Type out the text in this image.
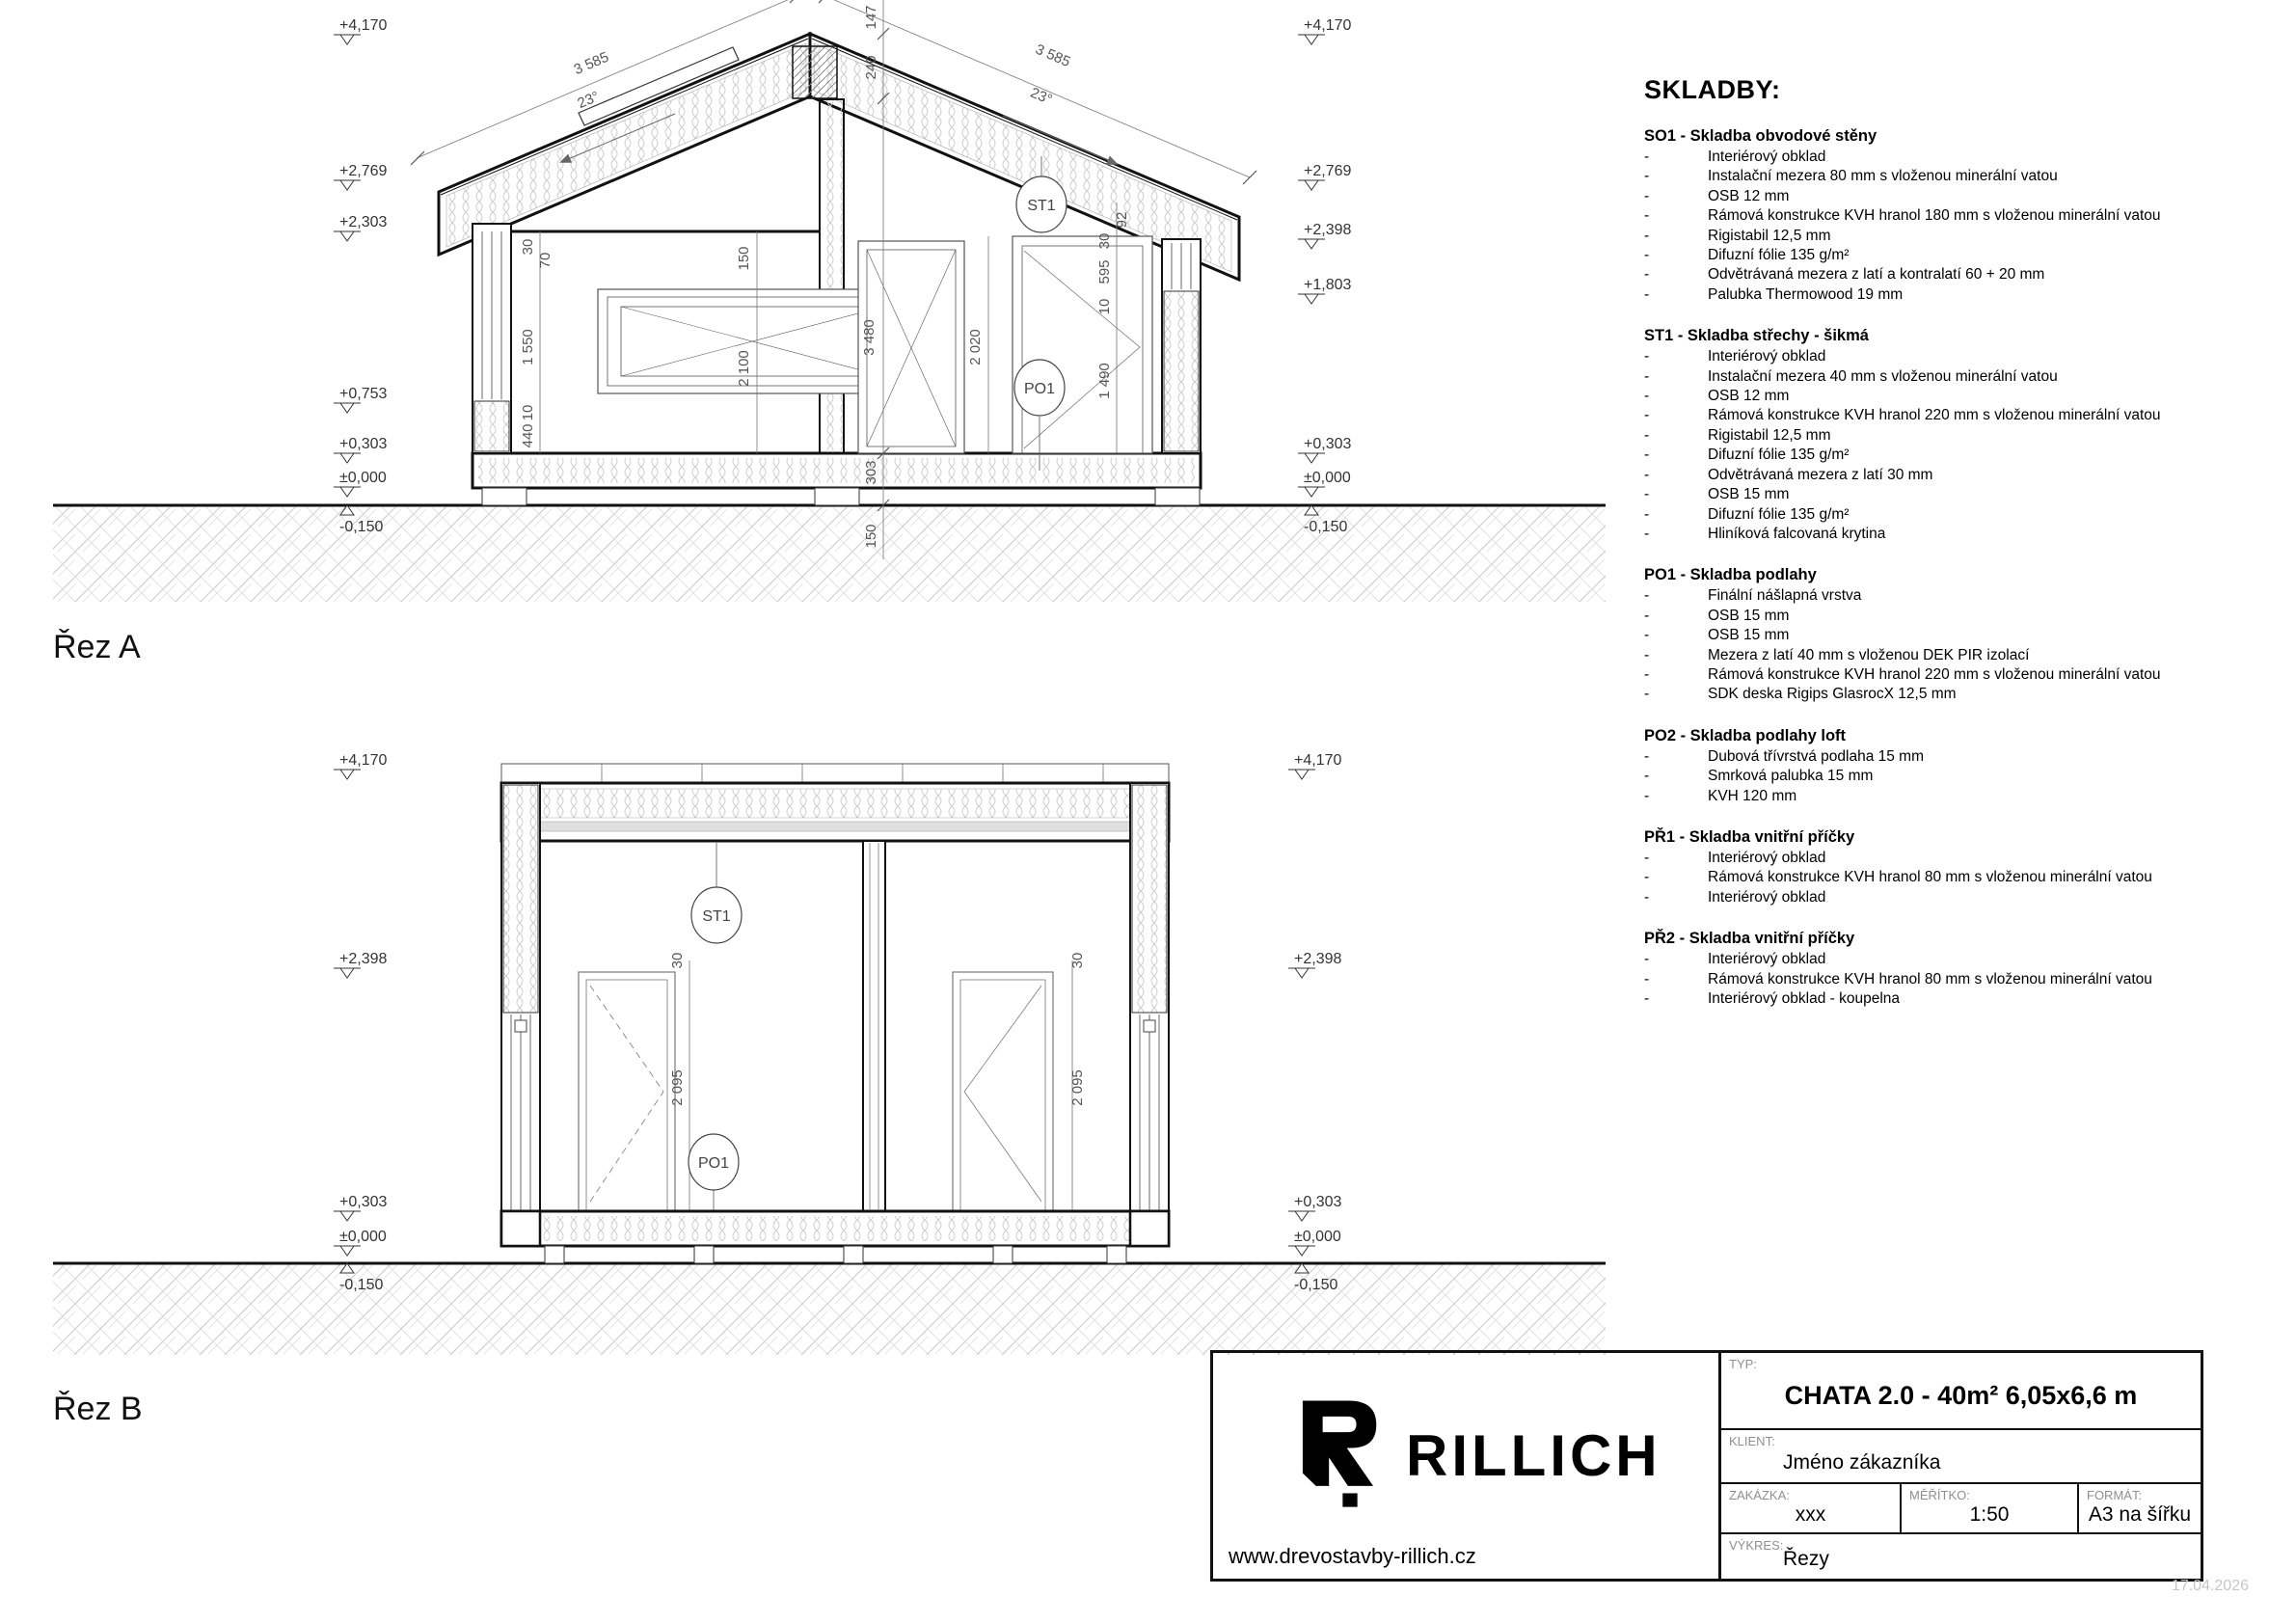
3 585
23°
3 585
23°
147
240
3 480
303
150
30
70
1 550
10
440
150
2 100
92
30
595
10
1 490
2 020
ST1
PO1
+4,170
+2,769
+2,303
+0,753
+0,303
±0,000
-0,150
+4,170
+2,769
+2,398
+1,803
+0,303
±0,000
-0,150
Řez A
30
2 095
30
2 095
ST1
PO1
+4,170
+2,398
+0,303
±0,000
-0,150
+4,170
+2,398
+0,303
±0,000
-0,150
Řez B
SKLADBY:
SO1 - Skladba obvodové stěny
-	Interiérový obklad
-	Instalační mezera 80 mm s vloženou minerální vatou
-	OSB 12 mm
-	Rámová konstrukce KVH hranol 180 mm s vloženou minerální vatou
-	Rigistabil 12,5 mm
-	Difuzní fólie 135 g/m²
-	Odvětrávaná mezera z latí a kontralatí 60 + 20 mm
-	Palubka Thermowood 19 mm
ST1 - Skladba střechy - šikmá
-	Interiérový obklad
-	Instalační mezera 40 mm s vloženou minerální vatou
-	OSB 12 mm
-	Rámová konstrukce KVH hranol 220 mm s vloženou minerální vatou
-	Rigistabil 12,5 mm
-	Difuzní fólie 135 g/m²
-	Odvětrávaná mezera z latí 30 mm
-	OSB 15 mm
-	Difuzní fólie 135 g/m²
-	Hliníková falcovaná krytina
PO1 - Skladba podlahy
-	Finální nášlapná vrstva
-	OSB 15 mm
-	OSB 15 mm
-	Mezera z latí 40 mm s vloženou DEK PIR izolací
-	Rámová konstrukce KVH hranol 220 mm s vloženou minerální vatou
-	SDK deska Rigips GlasrocX 12,5 mm
PO2 - Skladba podlahy loft
-	Dubová třívrstvá podlaha 15 mm
-	Smrková palubka 15 mm
-	KVH 120 mm
PŘ1 - Skladba vnitřní příčky
-	Interiérový obklad
-	Rámová konstrukce KVH hranol 80 mm s vloženou minerální vatou
-	Interiérový obklad
PŘ2 - Skladba vnitřní příčky
-	Interiérový obklad
-	Rámová konstrukce KVH hranol 80 mm s vloženou minerální vatou
-	Interiérový obklad - koupelna
RILLICH
www.drevostavby-rillich.cz
TYP:
CHATA 2.0 - 40m² 6,05x6,6 m
KLIENT:
Jméno zákazníka
ZAKÁZKA:
xxx
MĚŘÍTKO:
1:50
FORMÁT:
A3 na šířku
VÝKRES:
Řezy
17.04.2026
